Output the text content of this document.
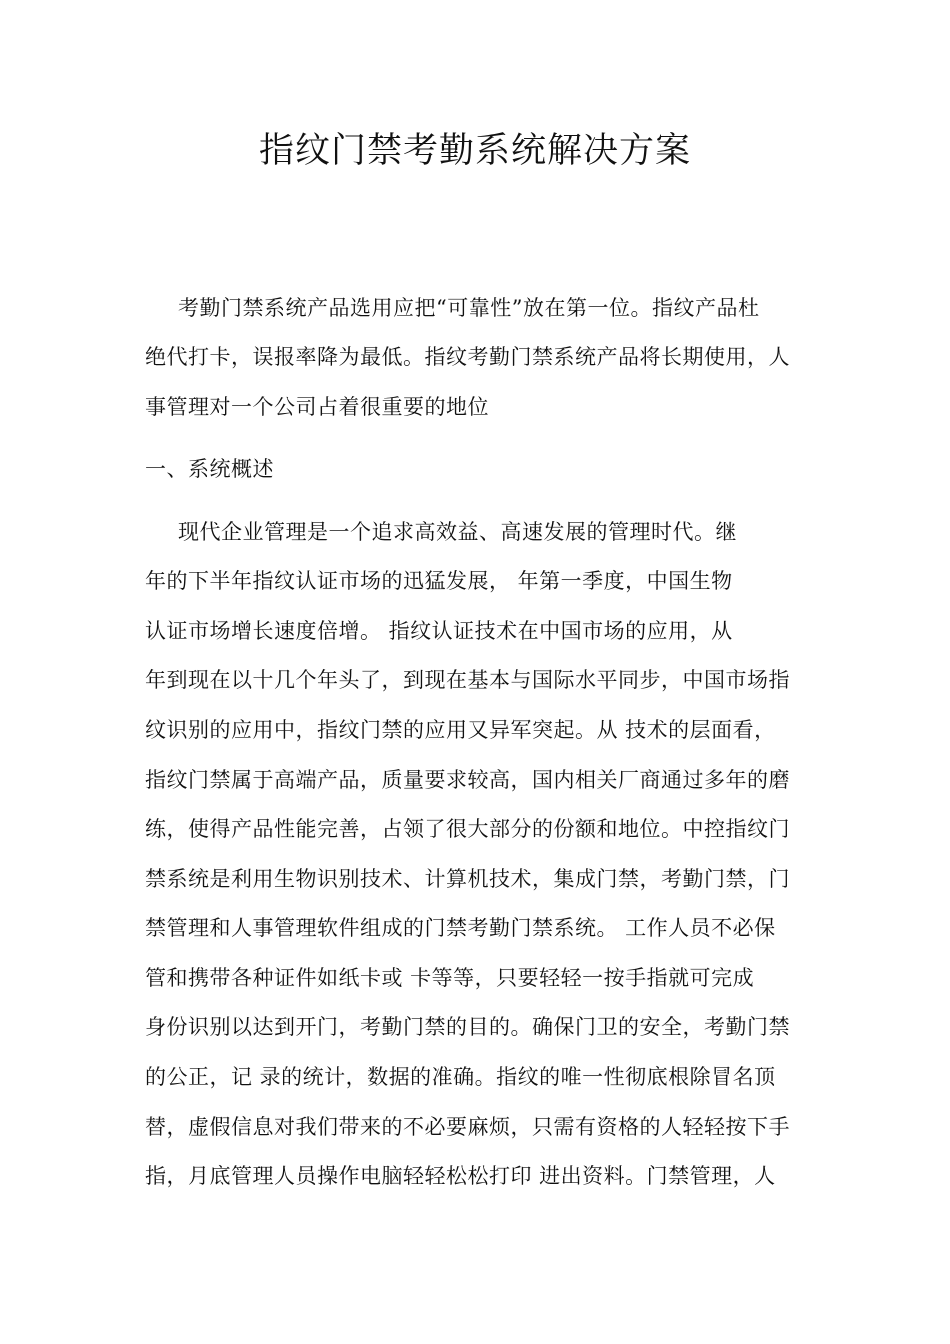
指纹门禁考勤系统解决方案
考勤门禁系统产品选用应把“可靠性”放在第一位。指纹产品杜
绝代打卡，误报率降为最低。指纹考勤门禁系统产品将长期使用，人
事管理对一个公司占着很重要的地位
一、系统概述
现代企业管理是一个追求高效益、高速发展的管理时代。继
年的下半年指纹认证市场的迅猛发展， 年第一季度，中国生物
认证市场增长速度倍增。 指纹认证技术在中国市场的应用，从
年到现在以十几个年头了，到现在基本与国际水平同步，中国市场指
纹识别的应用中，指纹门禁的应用又异军突起。从 技术的层面看，
指纹门禁属于高端产品，质量要求较高，国内相关厂商通过多年的磨
练，使得产品性能完善，占领了很大部分的份额和地位。中控指纹门
禁系统是利用生物识别技术、计算机技术，集成门禁，考勤门禁，门
禁管理和人事管理软件组成的门禁考勤门禁系统。 工作人员不必保
管和携带各种证件如纸卡或 卡等等，只要轻轻一按手指就可完成
身份识别以达到开门，考勤门禁的目的。确保门卫的安全，考勤门禁
的公正，记 录的统计，数据的准确。指纹的唯一性彻底根除冒名顶
替，虚假信息对我们带来的不必要麻烦，只需有资格的人轻轻按下手
指，月底管理人员操作电脑轻轻松松打印 进出资料。门禁管理，人
